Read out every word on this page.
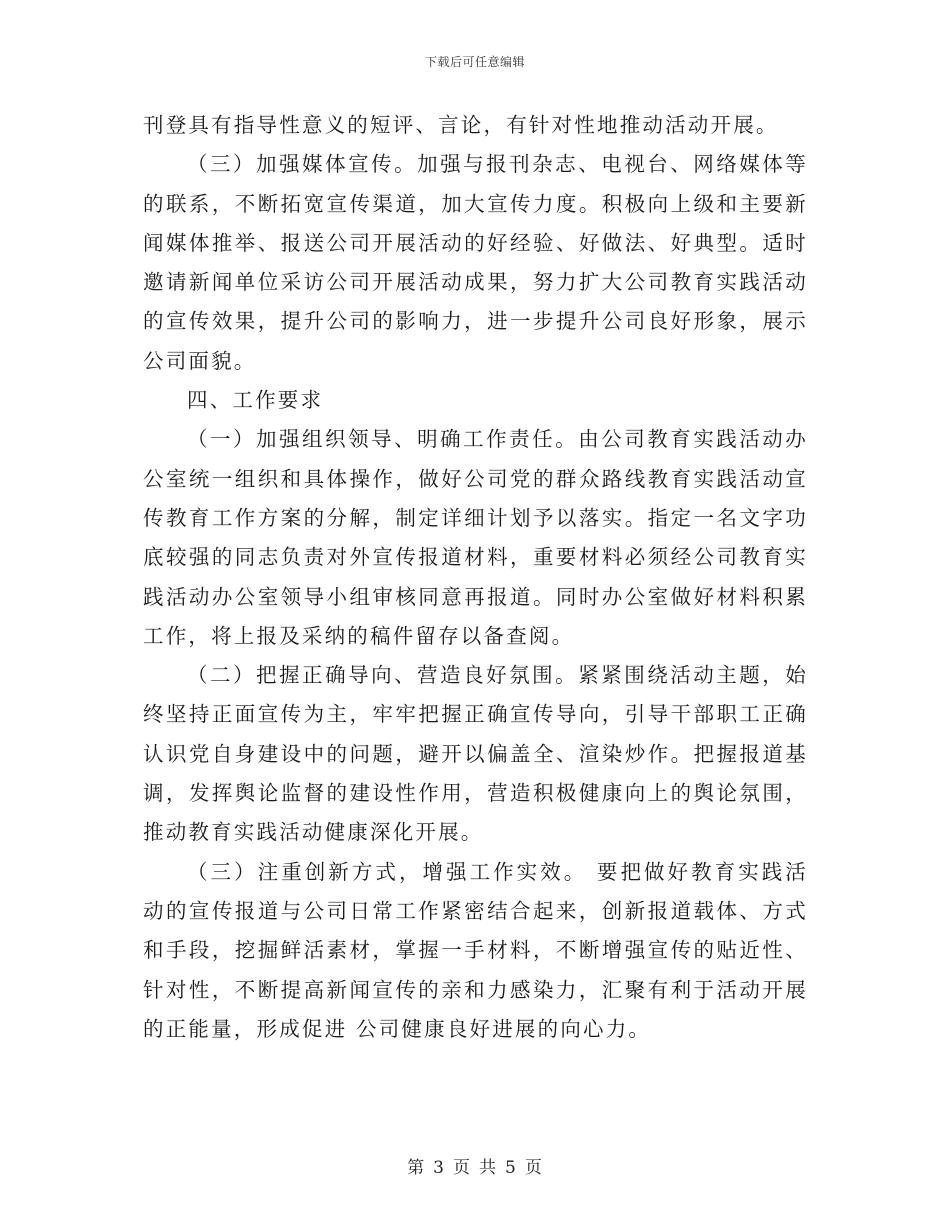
下载后可任意编辑

刊登具有指导性意义的短评、言论，有针对性地推动活动开展。

（三）加强媒体宣传。加强与报刊杂志、电视台、网络媒体等的联系，不断拓宽宣传渠道，加大宣传力度。积极向上级和主要新闻媒体推举、报送公司开展活动的好经验、好做法、好典型。适时邀请新闻单位采访公司开展活动成果，努力扩大公司教育实践活动的宣传效果，提升公司的影响力，进一步提升公司良好形象，展示公司面貌。

四、工作要求

（一）加强组织领导、明确工作责任。由公司教育实践活动办公室统一组织和具体操作，做好公司党的群众路线教育实践活动宣传教育工作方案的分解，制定详细计划予以落实。指定一名文字功底较强的同志负责对外宣传报道材料，重要材料必须经公司教育实践活动办公室领导小组审核同意再报道。同时办公室做好材料积累工作，将上报及采纳的稿件留存以备查阅。

（二）把握正确导向、营造良好氛围。紧紧围绕活动主题，始终坚持正面宣传为主，牢牢把握正确宣传导向，引导干部职工正确认识党自身建设中的问题，避开以偏盖全、渲染炒作。把握报道基调，发挥舆论监督的建设性作用，营造积极健康向上的舆论氛围，推动教育实践活动健康深化开展。

（三）注重创新方式，增强工作实效。 要把做好教育实践活动的宣传报道与公司日常工作紧密结合起来，创新报道载体、方式和手段，挖掘鲜活素材，掌握一手材料，不断增强宣传的贴近性、针对性，不断提高新闻宣传的亲和力感染力，汇聚有利于活动开展的正能量，形成促进 公司健康良好进展的向心力。

第 3 页 共 5 页
